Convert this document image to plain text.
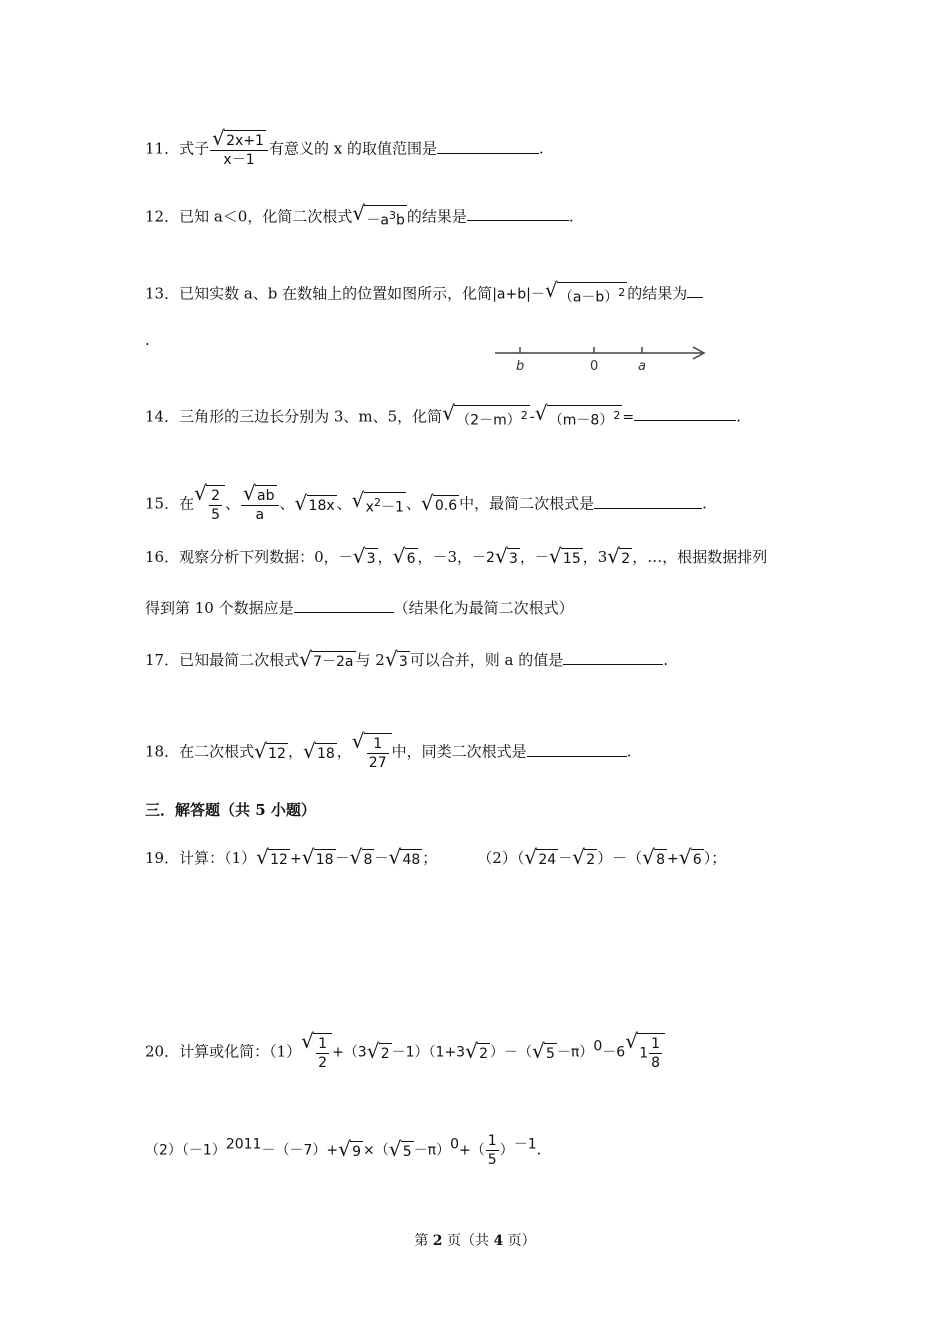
11．式子
√ $\frac{2x+1}{x-1}$ 有意义的 x 的取值范围是	.
12．已知 a＜0，化简二次根式√ $-a^3b$ 的结果是	.
13．已知实数 a、b 在数轴上的位置如图所示，化简|a+b|－√ $(a-b)^2$ 的结果为
.
b	0	a
14．三角形的三边长分别为 3、m、5，化简√ $(2-m)^2$ -√ $(m-8)^2$ =	.
15．在
√ $\frac{2}{5}$ 、
√ $\frac{ab}{a}$ 、√ 18x 、√ $x^2-1$ 、√ 0.6 中，最简二次根式是	.
16．观察分析下列数据：0，－√ 3 ，√ 6 ，－3，－2√ 3 ，－√ 15 ，3√ 2 ，…，根据数据排列
得到第 10 个数据应是	（结果化为最简二次根式）
17．已知最简二次根式√ 7－2a 与 2√ 3 可以合并，则 a 的值是	.
18．在二次根式√ 12 ，√ 18 ，
√ $\frac{1}{27}$ 中，同类二次根式是	.
三．解答题（共 5 小题）
19．计算：（1）√ 12 +√ 18 －√ 8 －√ 48 ；	（2）（√ 24 －√ 2 ）－（√ 8 +√ 6 ）；
20．计算或化简：（1）
√ $\frac{1}{2} +(3√$ 2 －1）（1+3√ 2 ）－（√ 5 －π）$^0$－6√ $1 \frac{1}{8}$
$(2)(-1)^{2011}-(-7)+√$ 9 ×（√ $5 -\pi)^0+( \frac{1}{5} )^{-1}$.
第 2 页（共 4 页）
